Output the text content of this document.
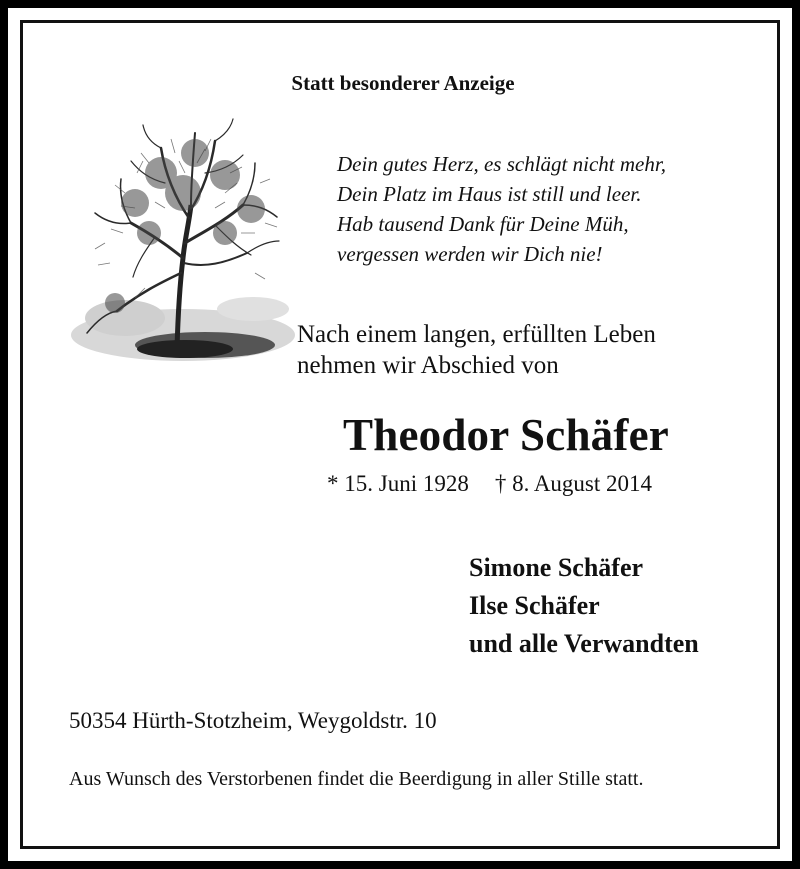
Statt besonderer Anzeige

Dein gutes Herz, es schlägt nicht mehr,
Dein Platz im Haus ist still und leer.
Hab tausend Dank für Deine Müh,
vergessen werden wir Dich nie!
Nach einem langen, erfüllten Leben
nehmen wir Abschied von

Theodor Schäfer

* 15. Juni 1928 † 8. August 2014

Simone Schäfer
Ilse Schäfer
und alle Verwandten

50354 Hürth-Stotzheim, Weygoldstr. 10

Aus Wunsch des Verstorbenen findet die Beerdigung in aller Stille statt.
